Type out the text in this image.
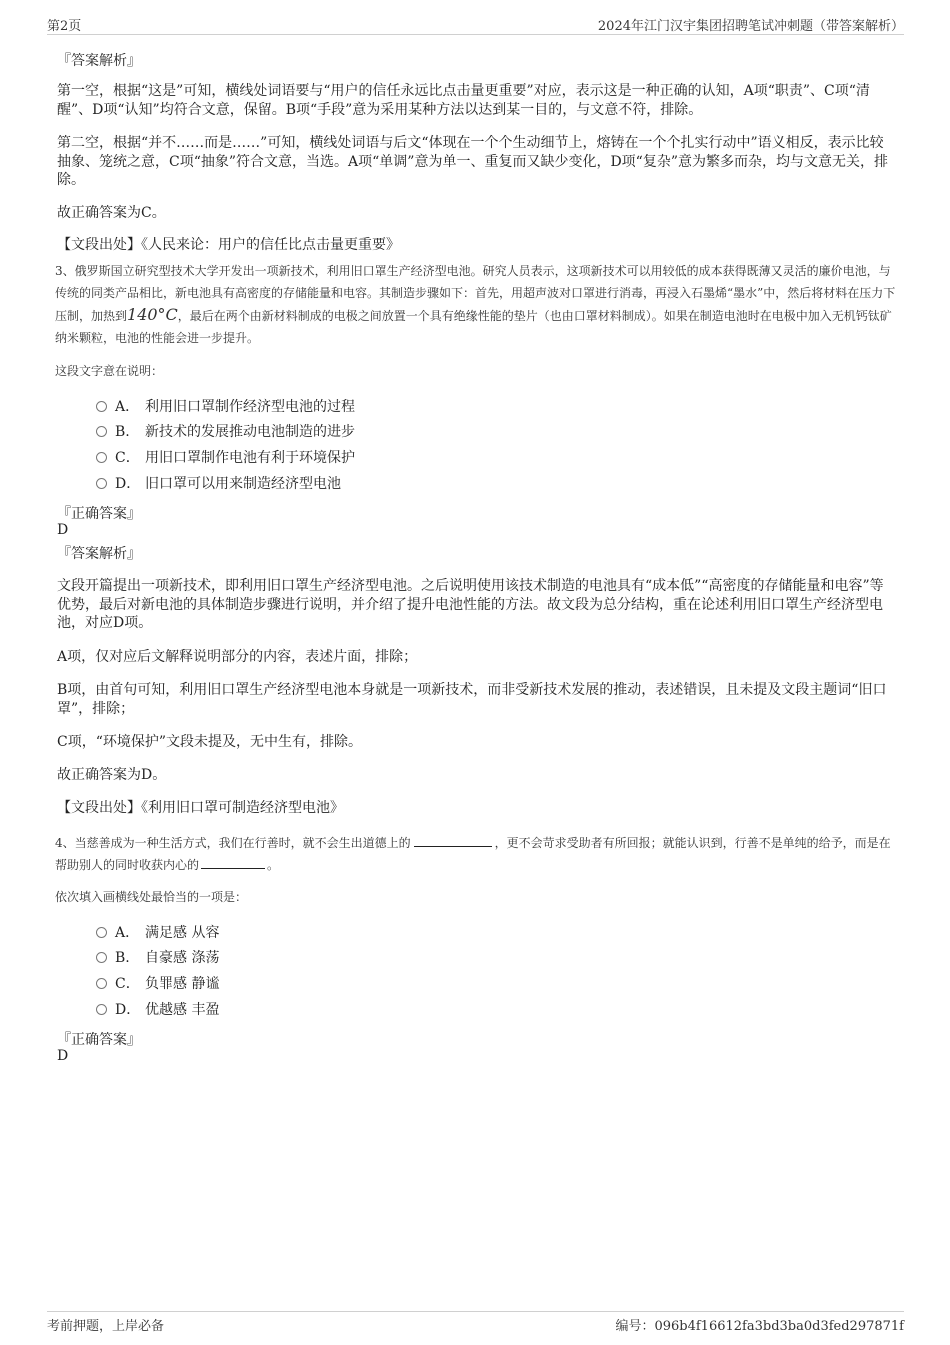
第2页	2024年江门汉宇集团招聘笔试冲刺题（带答案解析）
『答案解析』
第一空，根据“这是”可知，横线处词语要与“用户的信任永远比点击量更重要”对应，表示这是一种正确的认知，A项“职责”、C项“清醒”、D项“认知”均符合文意，保留。B项“手段”意为采用某种方法以达到某一目的，与文意不符，排除。
第二空，根据“并不……而是……”可知，横线处词语与后文“体现在一个个生动细节上，熔铸在一个个扎实行动中”语义相反，表示比较抽象、笼统之意，C项“抽象”符合文意，当选。A项“单调”意为单一、重复而又缺少变化，D项“复杂”意为繁多而杂，均与文意无关，排除。
故正确答案为C。
【文段出处】《人民来论：用户的信任比点击量更重要》
3、俄罗斯国立研究型技术大学开发出一项新技术，利用旧口罩生产经济型电池。研究人员表示，这项新技术可以用较低的成本获得既薄又灵活的廉价电池，与传统的同类产品相比，新电池具有高密度的存储能量和电容。其制造步骤如下：首先，用超声波对口罩进行消毒，再浸入石墨烯“墨水”中，然后将材料在压力下压制，加热到140°C，最后在两个由新材料制成的电极之间放置一个具有绝缘性能的垫片（也由口罩材料制成）。如果在制造电池时在电极中加入无机钙钛矿纳米颗粒，电池的性能会进一步提升。
这段文字意在说明：
A． 利用旧口罩制作经济型电池的过程
B. 新技术的发展推动电池制造的进步
C． 用旧口罩制作电池有利于环境保护
D． 旧口罩可以用来制造经济型电池
『正确答案』
D
『答案解析』
文段开篇提出一项新技术，即利用旧口罩生产经济型电池。之后说明使用该技术制造的电池具有“成本低”“高密度的存储能量和电容”等优势，最后对新电池的具体制造步骤进行说明，并介绍了提升电池性能的方法。故文段为总分结构，重在论述利用旧口罩生产经济型电池，对应D项。
A项，仅对应后文解释说明部分的内容，表述片面，排除；
B项，由首句可知，利用旧口罩生产经济型电池本身就是一项新技术，而非受新技术发展的推动，表述错误，且未提及文段主题词“旧口罩”，排除；
C项，“环境保护”文段未提及，无中生有，排除。
故正确答案为D。
【文段出处】《利用旧口罩可制造经济型电池》
4、当慈善成为一种生活方式，我们在行善时，就不会生出道德上的	，更不会苛求受助者有所回报；就能认识到，行善不是单纯的给予，而是在帮助别人的同时收获内心的	。
依次填入画横线处最恰当的一项是：
A． 满足感 从容
B. 自豪感 涤荡
C． 负罪感 静谧
D． 优越感 丰盈
『正确答案』
D
考前押题，上岸必备	编号：096b4f16612fa3bd3ba0d3fed297871f
